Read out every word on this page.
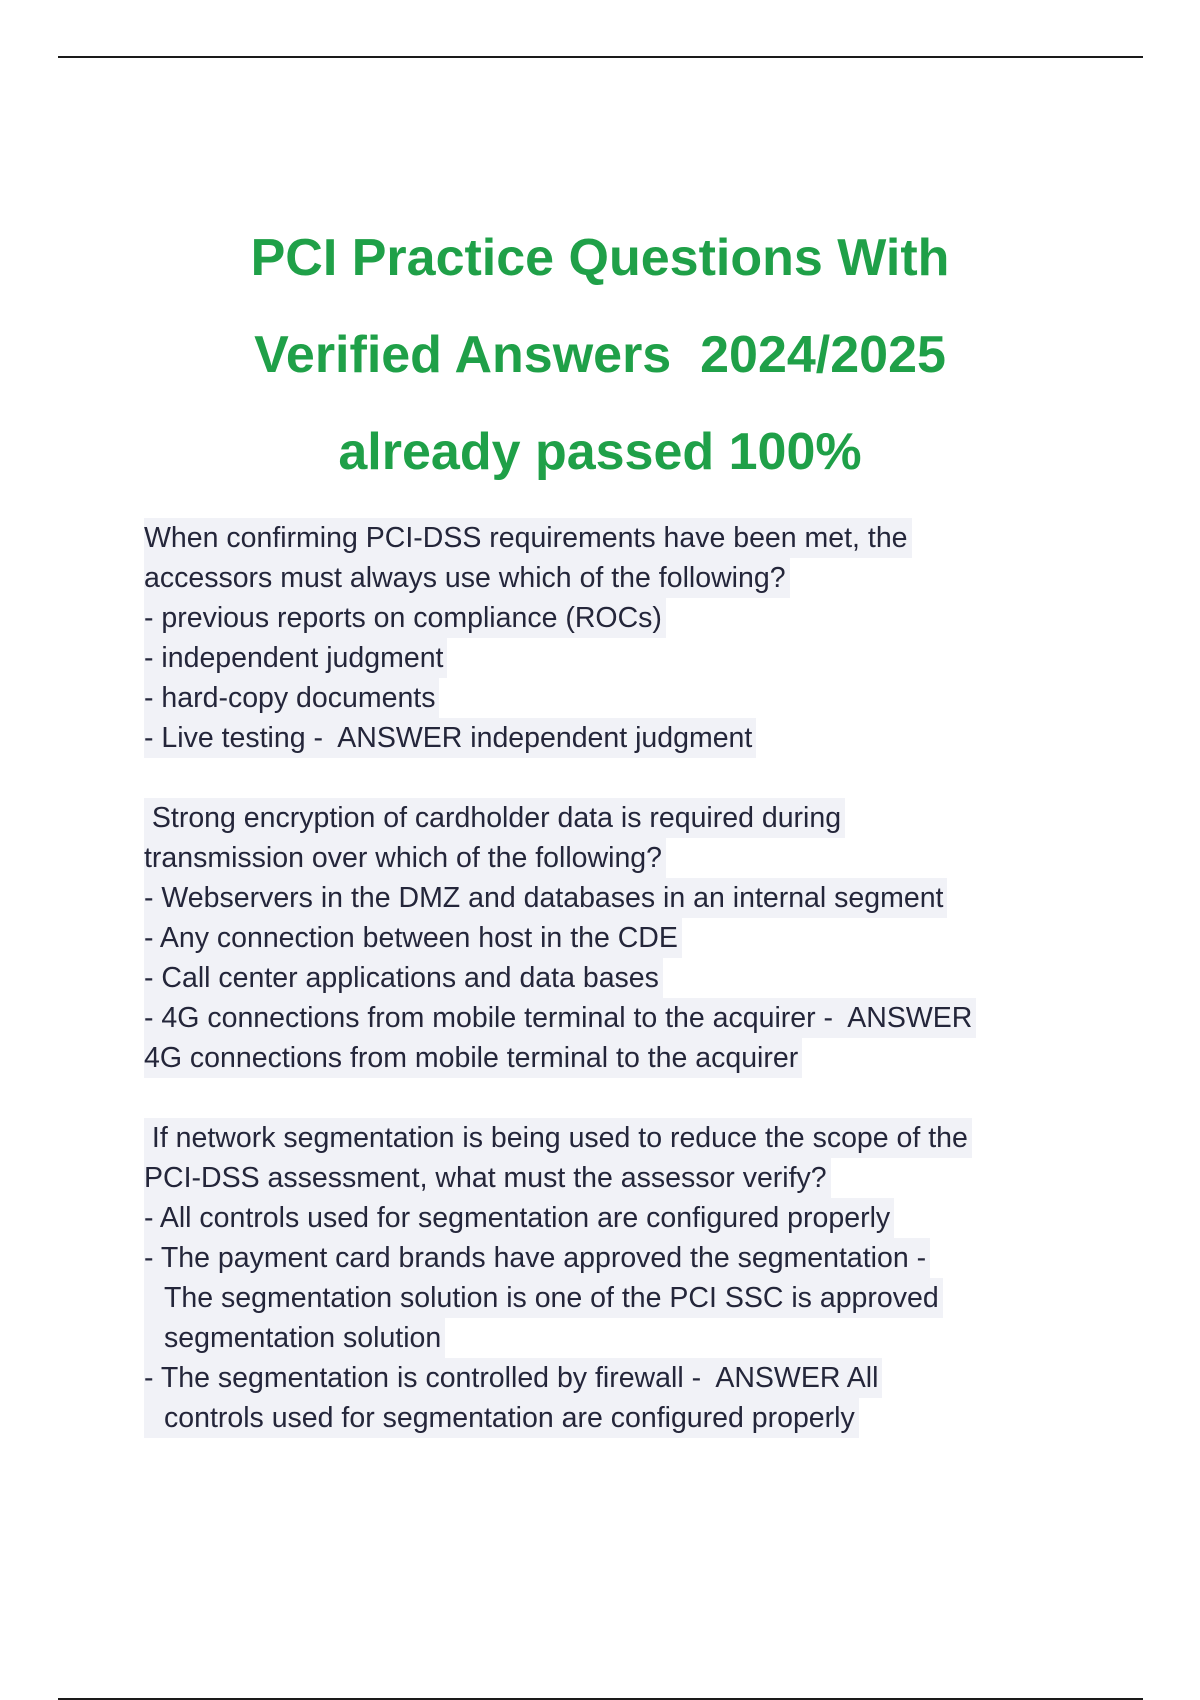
PCI Practice Questions With
Verified Answers  2024/2025
already passed 100%
When confirming PCI-DSS requirements have been met, the
accessors must always use which of the following?
- previous reports on compliance (ROCs)
- independent judgment
- hard-copy documents
- Live testing -  ANSWER independent judgment
Strong encryption of cardholder data is required during
transmission over which of the following?
- Webservers in the DMZ and databases in an internal segment
- Any connection between host in the CDE
- Call center applications and data bases
- 4G connections from mobile terminal to the acquirer -  ANSWER
4G connections from mobile terminal to the acquirer
If network segmentation is being used to reduce the scope of the
PCI-DSS assessment, what must the assessor verify?
- All controls used for segmentation are configured properly
- The payment card brands have approved the segmentation -
The segmentation solution is one of the PCI SSC is approved
segmentation solution
- The segmentation is controlled by firewall -  ANSWER All
controls used for segmentation are configured properly
